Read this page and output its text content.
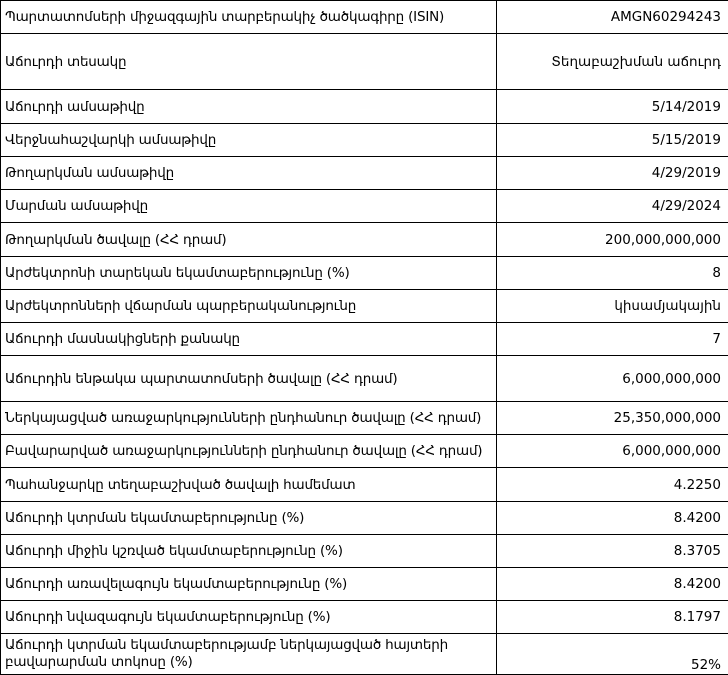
Պարտատոմսերի միջազգային տարբերակիչ ծածկագիրը (ISIN)	AMGN60294243
Աճուրդի տեսակը	Տեղաբաշխման աճուրդ
Աճուրդի ամսաթիվը	5/14/2019
Վերջնահաշվարկի ամսաթիվը	5/15/2019
Թողարկման ամսաթիվը	4/29/2019
Մարման ամսաթիվը	4/29/2024
Թողարկման ծավալը (ՀՀ դրամ)	200,000,000,000
Արժեկտրոնի տարեկան եկամտաբերությունը (%)	8
Արժեկտրոնների վճարման պարբերականությունը	կիսամյակային
Աճուրդի մասնակիցների քանակը	7
Աճուրդին ենթակա պարտատոմսերի ծավալը (ՀՀ դրամ)	6,000,000,000
Ներկայացված առաջարկությունների ընդհանուր ծավալը (ՀՀ դրամ)	25,350,000,000
Բավարարված առաջարկությունների ընդհանուր ծավալը (ՀՀ դրամ)	6,000,000,000
Պահանջարկը տեղաբաշխված ծավալի համեմատ	4.2250
Աճուրդի կտրման եկամտաբերությունը (%)	8.4200
Աճուրդի միջին կշռված եկամտաբերությունը (%)	8.3705
Աճուրդի առավելագույն եկամտաբերությունը (%)	8.4200
Աճուրդի նվազագույն եկամտաբերությունը (%)	8.1797
Աճուրդի կտրման եկամտաբերությամբ ներկայացված հայտերի բավարարման տոկոսը (%)	52%
